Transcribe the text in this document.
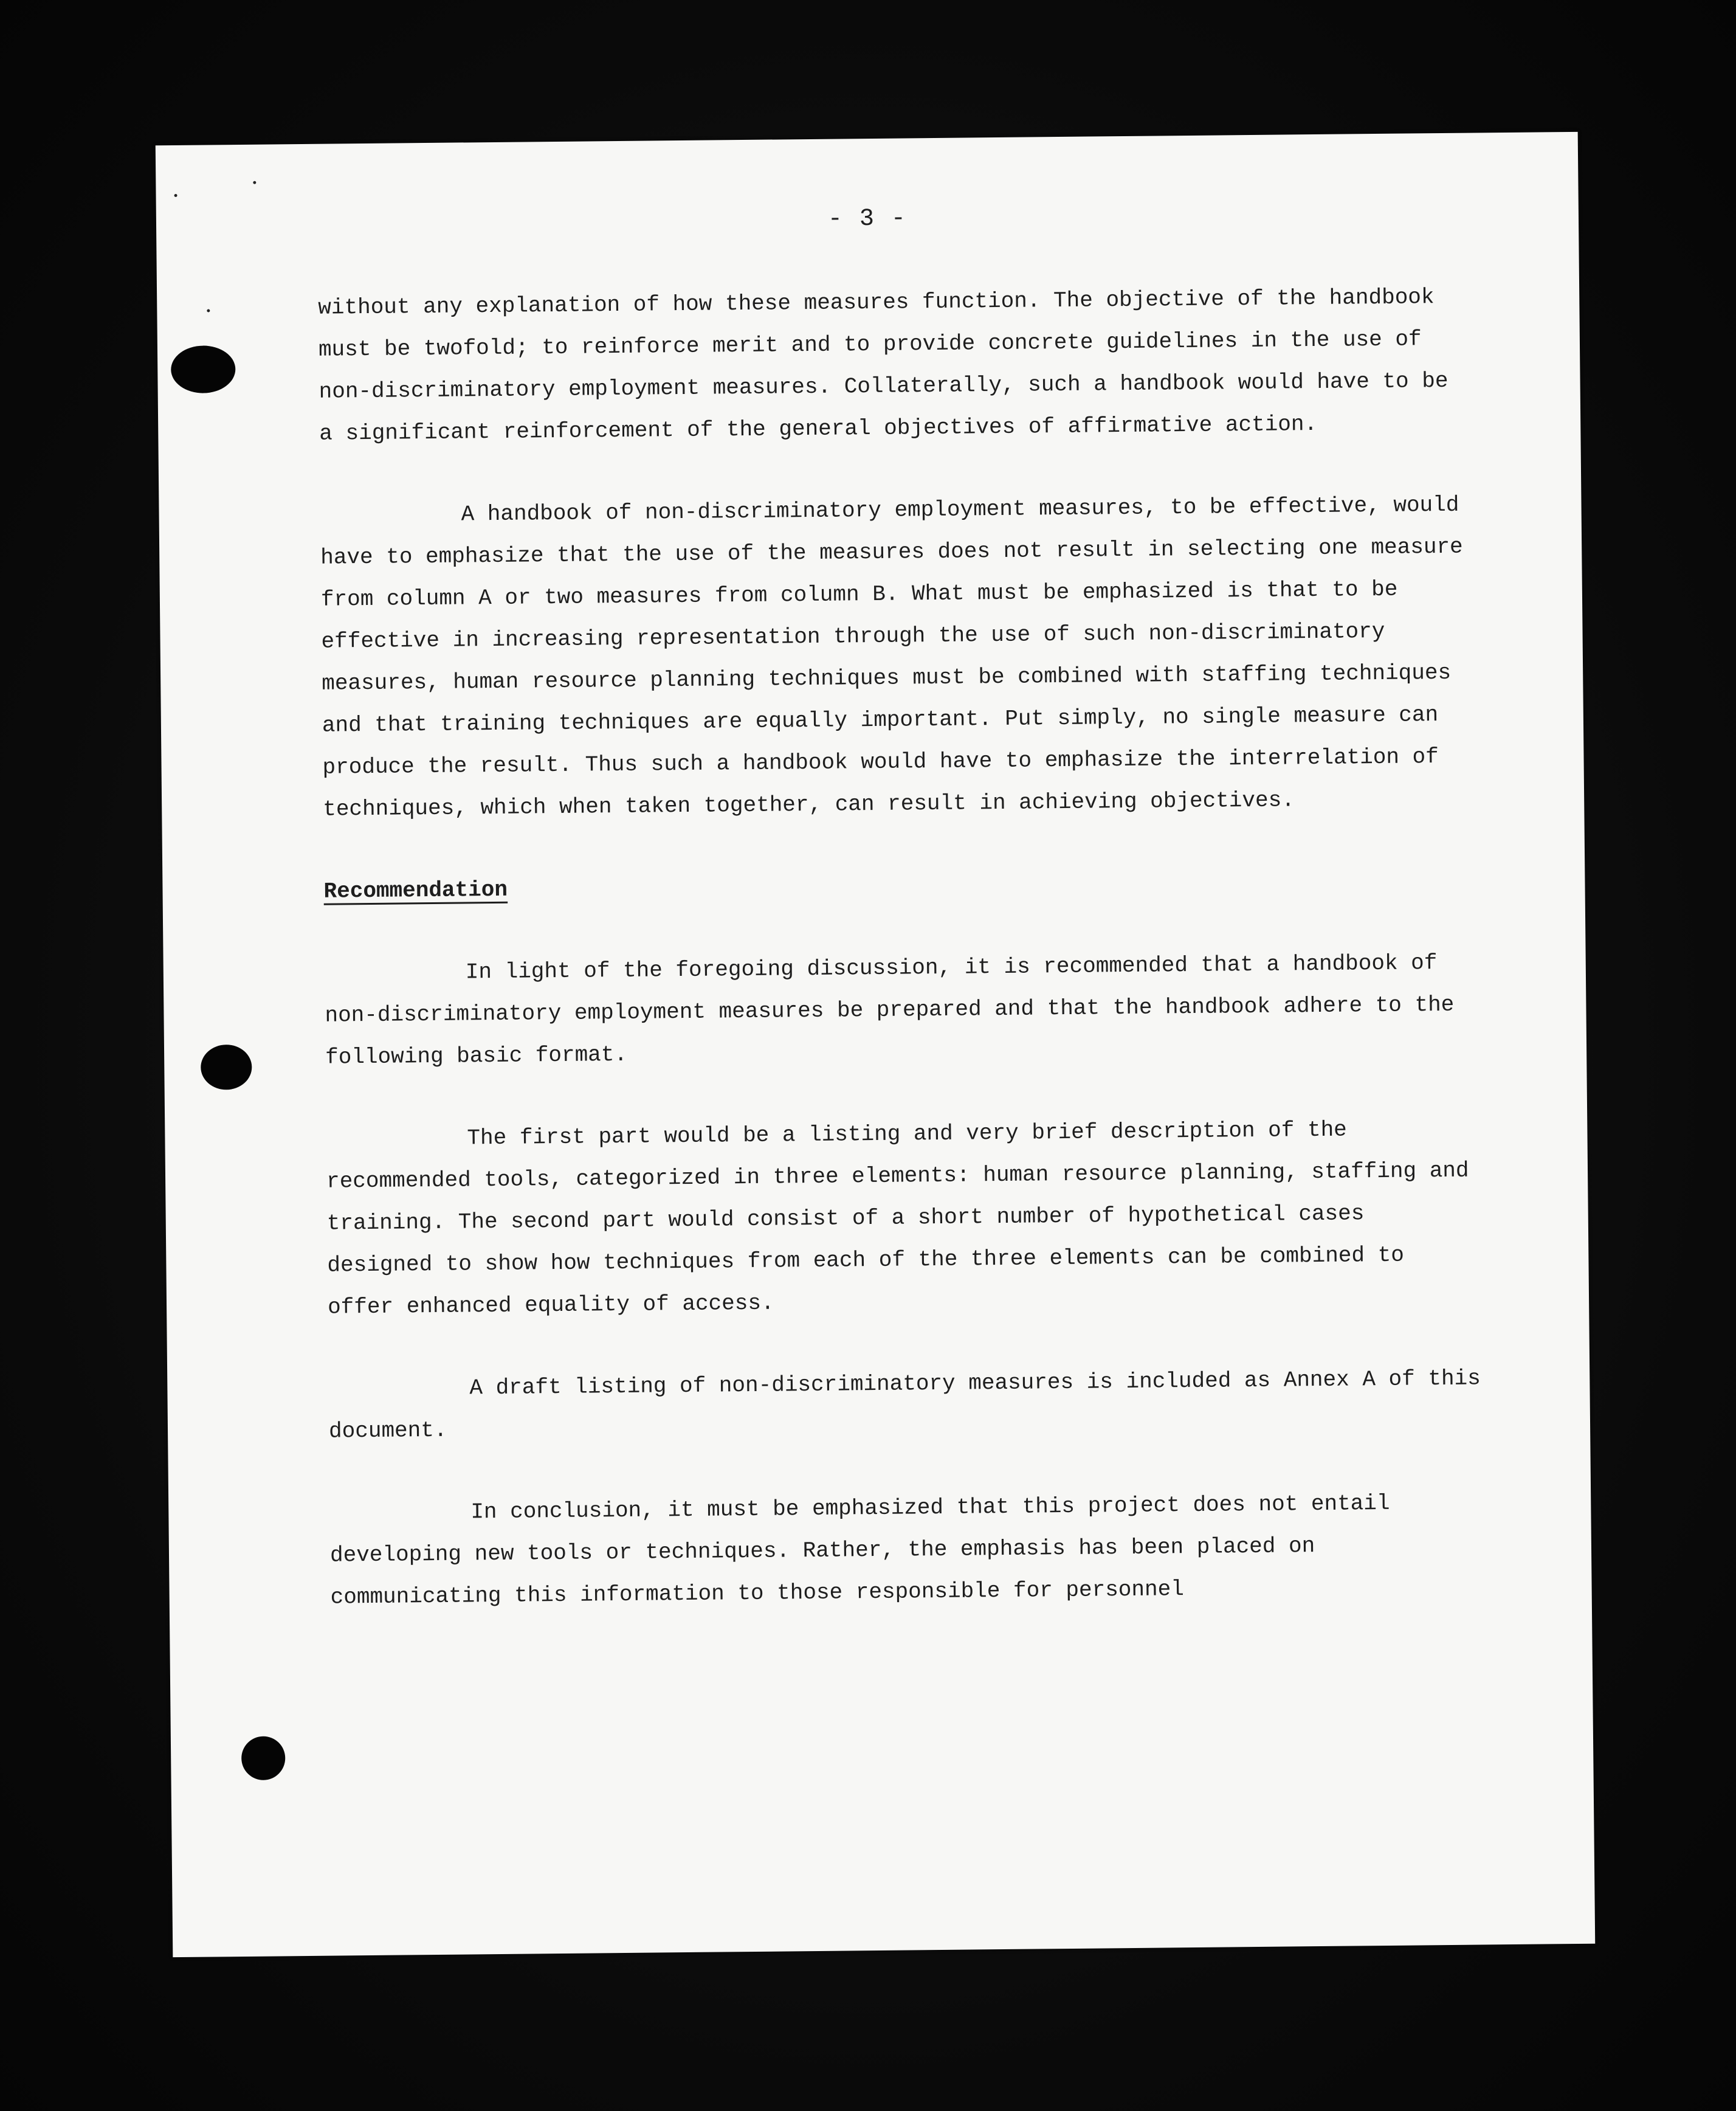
- 3 -

without any explanation of how these measures function. The objective of the handbook must be twofold; to reinforce merit and to provide concrete guidelines in the use of non-discriminatory employment measures. Collaterally, such a handbook would have to be a significant reinforcement of the general objectives of affirmative action.

A handbook of non-discriminatory employment measures, to be effective, would have to emphasize that the use of the measures does not result in selecting one measure from column A or two measures from column B. What must be emphasized is that to be effective in increasing representation through the use of such non-discriminatory measures, human resource planning techniques must be combined with staffing techniques and that training techniques are equally important. Put simply, no single measure can produce the result. Thus such a handbook would have to emphasize the interrelation of techniques, which when taken together, can result in achieving objectives.

Recommendation

In light of the foregoing discussion, it is recommended that a handbook of non-discriminatory employment measures be prepared and that the handbook adhere to the following basic format.

The first part would be a listing and very brief description of the recommended tools, categorized in three elements: human resource planning, staffing and training. The second part would consist of a short number of hypothetical cases designed to show how techniques from each of the three elements can be combined to offer enhanced equality of access.

A draft listing of non-discriminatory measures is included as Annex A of this document.

In conclusion, it must be emphasized that this project does not entail developing new tools or techniques. Rather, the emphasis has been placed on communicating this information to those responsible for personnel
